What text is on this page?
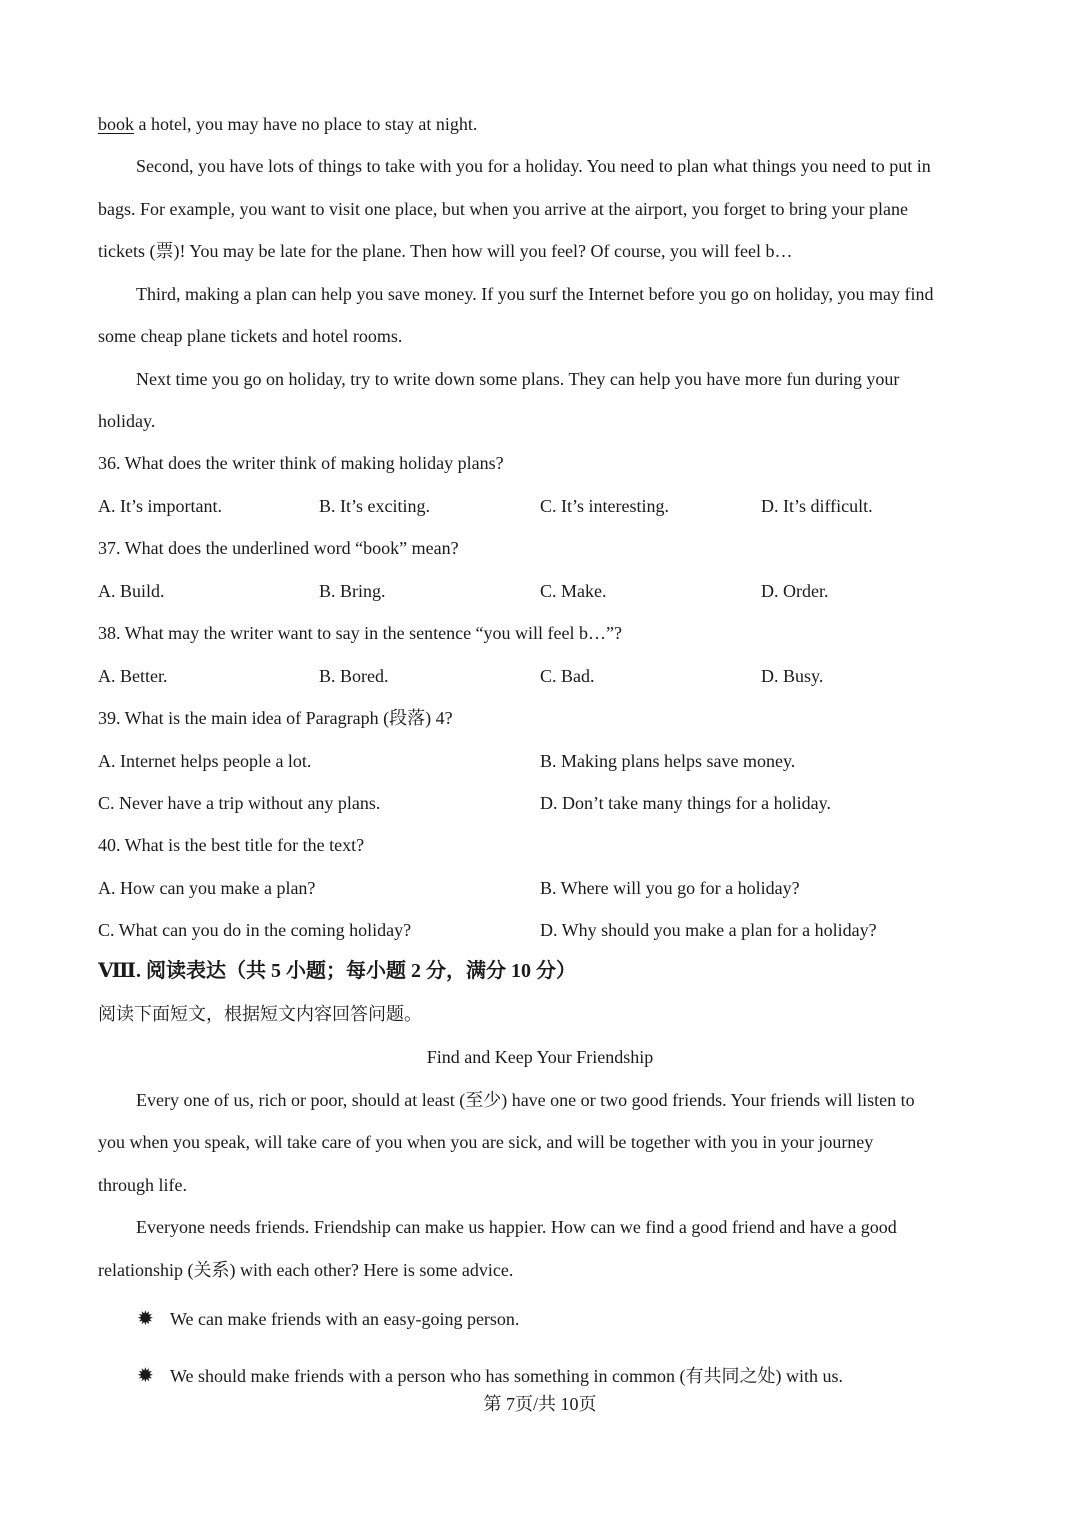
book a hotel, you may have no place to stay at night.
Second, you have lots of things to take with you for a holiday. You need to plan what things you need to put in
bags. For example, you want to visit one place, but when you arrive at the airport, you forget to bring your plane
tickets (票)! You may be late for the plane. Then how will you feel? Of course, you will feel b…
Third, making a plan can help you save money. If you surf the Internet before you go on holiday, you may find
some cheap plane tickets and hotel rooms.
Next time you go on holiday, try to write down some plans. They can help you have more fun during your
holiday.
36. What does the writer think of making holiday plans?
A. It’s important.	B. It’s exciting.	C. It’s interesting.	D. It’s difficult.
37. What does the underlined word “book” mean?
A. Build.	B. Bring.	C. Make.	D. Order.
38. What may the writer want to say in the sentence “you will feel b…”?
A. Better.	B. Bored.	C. Bad.	D. Busy.
39. What is the main idea of Paragraph (段落) 4?
A. Internet helps people a lot.	B. Making plans helps save money.
C. Never have a trip without any plans.	D. Don’t take many things for a holiday.
40. What is the best title for the text?
A. How can you make a plan?	B. Where will you go for a holiday?
C. What can you do in the coming holiday?	D. Why should you make a plan for a holiday?
Ⅷ. 阅读表达（共 5 小题；每小题 2 分，满分 10 分）
阅读下面短文，根据短文内容回答问题。
Find and Keep Your Friendship
Every one of us, rich or poor, should at least (至少) have one or two good friends. Your friends will listen to
you when you speak, will take care of you when you are sick, and will be together with you in your journey
through life.
Everyone needs friends. Friendship can make us happier. How can we find a good friend and have a good
relationship (关系) with each other? Here is some advice.
✹ We can make friends with an easy-going person.
✹ We should make friends with a person who has something in common (有共同之处) with us.
第 7页/共 10页
